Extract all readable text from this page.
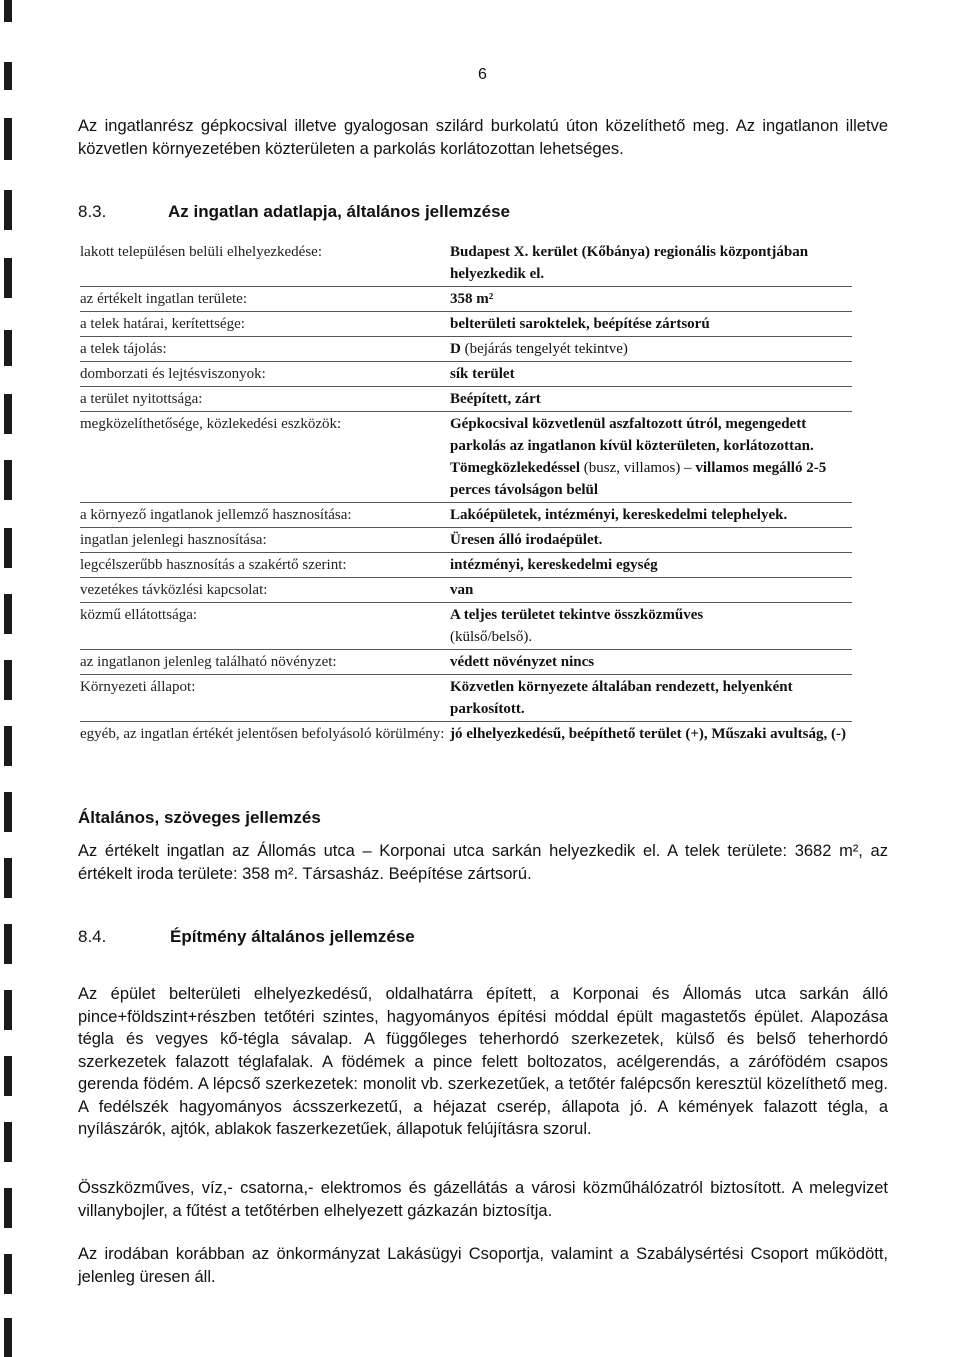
6

Az ingatlanrész gépkocsival illetve gyalogosan szilárd burkolatú úton közelíthető meg. Az ingatlanon illetve közvetlen környezetében közterületen a parkolás korlátozottan lehetséges.

8.3.	Az ingatlan adatlapja, általános jellemzése
lakott településen belüli elhelyezkedése:	Budapest X. kerület (Kőbánya) regionális központjában helyezkedik el.
az értékelt ingatlan területe:	358 m²
a telek határai, kerítettsége:	belterületi saroktelek, beépítése zártsorú
a telek tájolás:	D (bejárás tengelyét tekintve)
domborzati és lejtésviszonyok:	sík terület
a terület nyitottsága:	Beépített, zárt
megközelíthetősége, közlekedési eszközök:	Gépkocsival közvetlenül aszfaltozott útról, megengedett parkolás az ingatlanon kívül közterületen, korlátozottan.
Tömegközlekedéssel (busz, villamos) – villamos megálló 2-5 perces távolságon belül

a környező ingatlanok jellemző hasznosítása:	Lakóépületek, intézményi, kereskedelmi telephelyek.
ingatlan jelenlegi hasznosítása:	Üresen álló irodaépület.
legcélszerűbb hasznosítás a szakértő szerint:	intézményi, kereskedelmi egység
vezetékes távközlési kapcsolat:	van
közmű ellátottsága:	A teljes területet tekintve összközműves
(külső/belső).

az ingatlanon jelenleg található növényzet:	védett növényzet nincs
Környezeti állapot:	Közvetlen környezete általában rendezett, helyenként parkosított.
egyéb, az ingatlan értékét jelentősen befolyásoló körülmény:	jó elhelyezkedésű, beépíthető terület (+), Műszaki avultság, (-)
Általános, szöveges jellemzés

Az értékelt ingatlan az Állomás utca – Korponai utca sarkán helyezkedik el. A telek területe: 3682 m², az értékelt iroda területe: 358 m². Társasház. Beépítése zártsorú.

8.4.	Építmény általános jellemzése

Az épület belterületi elhelyezkedésű, oldalhatárra épített, a Korponai és Állomás utca sarkán álló pince+földszint+részben tetőtéri szintes, hagyományos építési móddal épült magastetős épület. Alapozása tégla és vegyes kő-tégla sávalap. A függőleges teherhordó szerkezetek, külső és belső teherhordó szerkezetek falazott téglafalak. A födémek a pince felett boltozatos, acélgerendás, a zárófödém csapos gerenda födém. A lépcső szerkezetek: monolit vb. szerkezetűek, a tetőtér falépcsőn keresztül közelíthető meg. A fedélszék hagyományos ácsszerkezetű, a héjazat cserép, állapota jó. A kémények falazott tégla, a nyílászárók, ajtók, ablakok faszerkezetűek, állapotuk felújításra szorul.

Összközműves, víz,- csatorna,- elektromos és gázellátás a városi közműhálózatról biztosított. A melegvizet villanybojler, a fűtést a tetőtérben elhelyezett gázkazán biztosítja.

Az irodában korábban az önkormányzat Lakásügyi Csoportja, valamint a Szabálysértési Csoport működött, jelenleg üresen áll.
